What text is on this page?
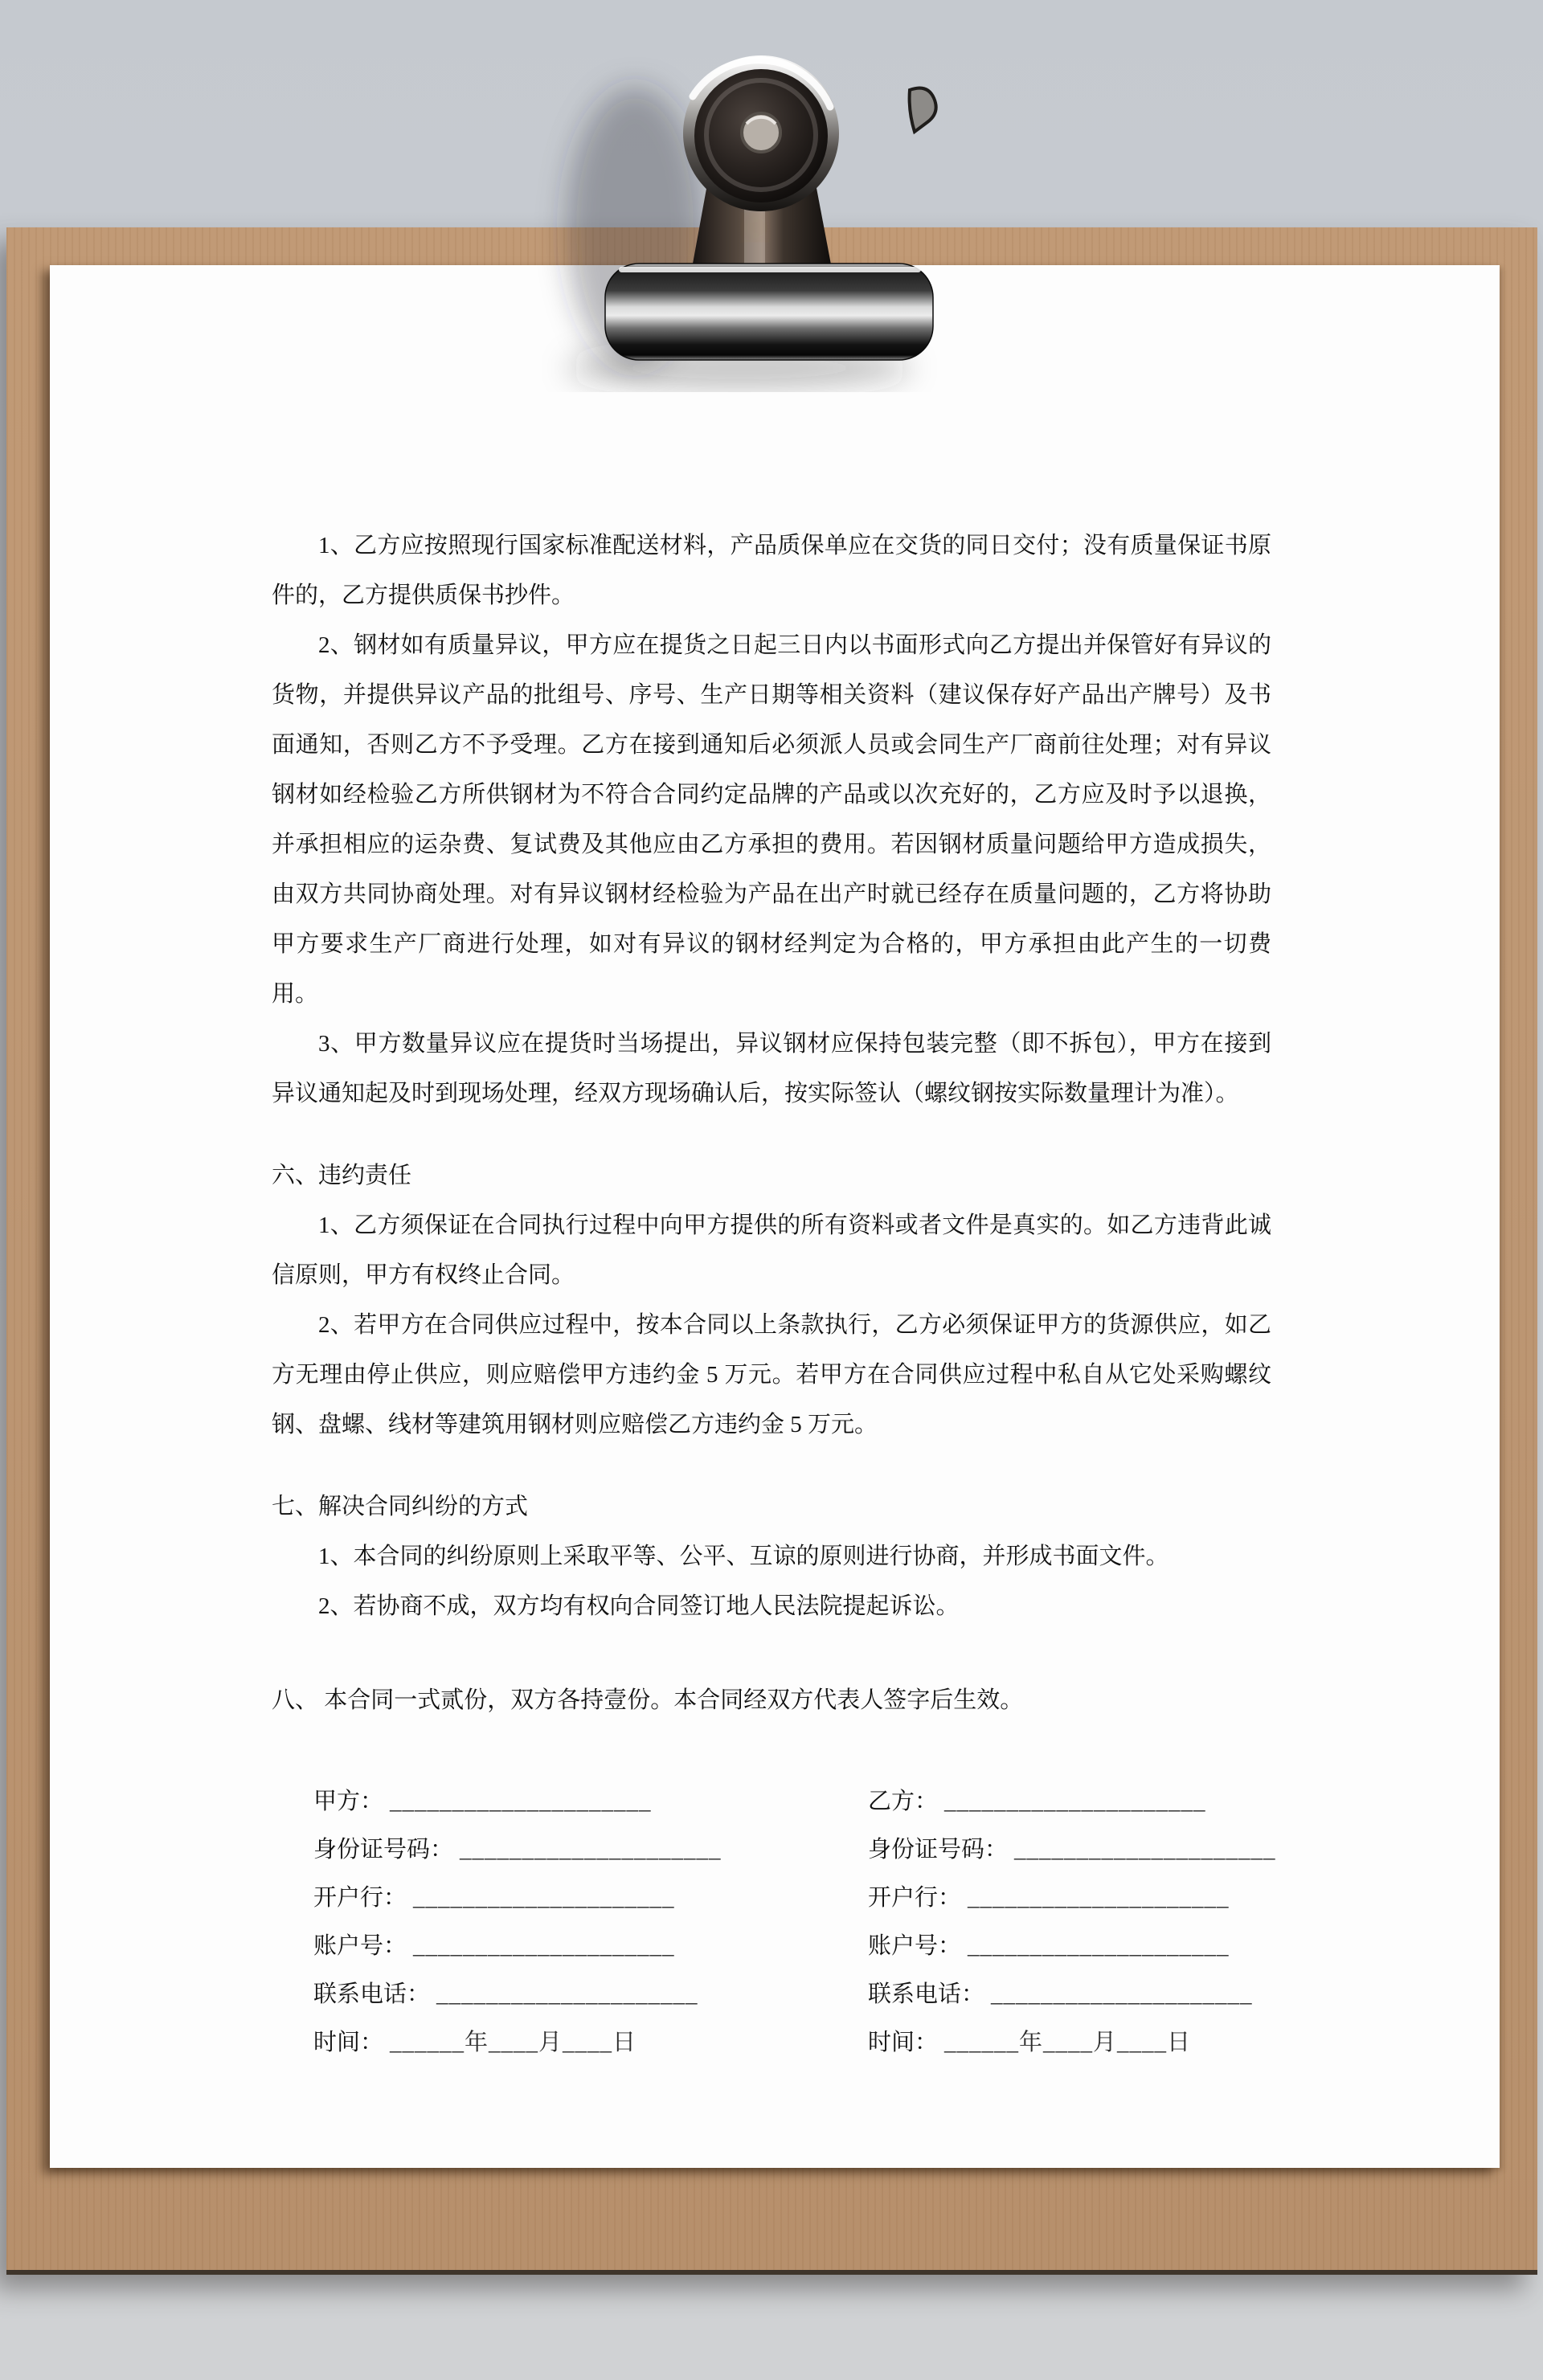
1、乙方应按照现行国家标准配送材料，产品质保单应在交货的同日交付；没有质量保证书原件的，乙方提供质保书抄件。

2、钢材如有质量异议，甲方应在提货之日起三日内以书面形式向乙方提出并保管好有异议的货物，并提供异议产品的批组号、序号、生产日期等相关资料（建议保存好产品出产牌号）及书面通知，否则乙方不予受理。乙方在接到通知后必须派人员或会同生产厂商前往处理；对有异议钢材如经检验乙方所供钢材为不符合合同约定品牌的产品或以次充好的，乙方应及时予以退换，并承担相应的运杂费、复试费及其他应由乙方承担的费用。若因钢材质量问题给甲方造成损失，由双方共同协商处理。对有异议钢材经检验为产品在出产时就已经存在质量问题的，乙方将协助甲方要求生产厂商进行处理，如对有异议的钢材经判定为合格的，甲方承担由此产生的一切费用。

3、甲方数量异议应在提货时当场提出，异议钢材应保持包装完整（即不拆包），甲方在接到异议通知起及时到现场处理，经双方现场确认后，按实际签认（螺纹钢按实际数量理计为准）。

六、违约责任

1、乙方须保证在合同执行过程中向甲方提供的所有资料或者文件是真实的。如乙方违背此诚信原则，甲方有权终止合同。

2、若甲方在合同供应过程中，按本合同以上条款执行，乙方必须保证甲方的货源供应，如乙方无理由停止供应，则应赔偿甲方违约金 5 万元。若甲方在合同供应过程中私自从它处采购螺纹钢、盘螺、线材等建筑用钢材则应赔偿乙方违约金 5 万元。

七、解决合同纠纷的方式

1、本合同的纠纷原则上采取平等、公平、互谅的原则进行协商，并形成书面文件。

2、若协商不成，双方均有权向合同签订地人民法院提起诉讼。

八、 本合同一式贰份，双方各持壹份。本合同经双方代表人签字后生效。

甲方： _____________________
身份证号码： _____________________
开户行： _____________________
账户号： _____________________
联系电话： _____________________
时间： ______年____月____日
乙方： _____________________
身份证号码： _____________________
开户行： _____________________
账户号： _____________________
联系电话： _____________________
时间： ______年____月____日
